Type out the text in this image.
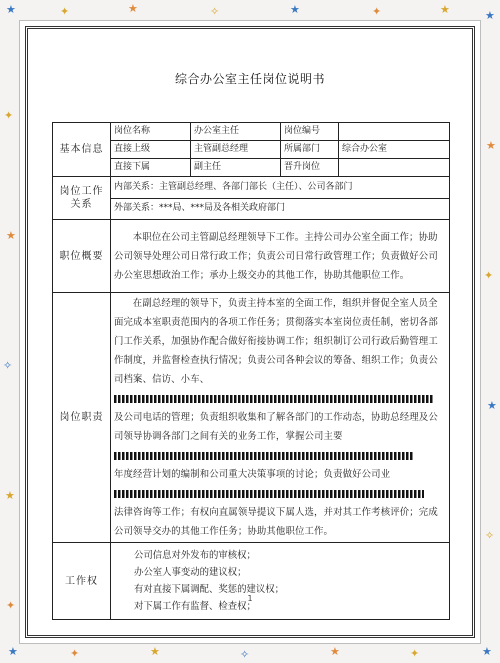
★	✦	★	✧	★	✦	★	★
✦
★
✧
★
✦
★
✦
★
✧
★	✦	★	✧	★	✦	★
综合办公室主任岗位说明书
基本信息	岗位名称	办公室主任	岗位编号	
	直接上级	主管副总经理	所属部门	综合办公室
	直接下属	副主任	晋升岗位	
岗位工作关系	内部关系：主管副总经理、各部门部长（主任）、公司各部门			
	外部关系：***局、***局及各相关政府部门			
职位概要	本职位在公司主管副总经理领导下工作。主持公司办公室全面工作；协助公司领导处理公司日常行政工作；负责公司日常行政管理工作；负责做好公司办公室思想政治工作；承办上级交办的其他工作，协助其他职位工作。			

岗位职责	在副总经理的领导下，负责主持本室的全面工作，组织并督促全室人员全面完成本室职责范围内的各项工作任务；贯彻落实本室岗位责任制，密切各部门工作关系，加强协作配合做好衔接协调工作；组织制订公司行政后勤管理工作制度，并监督检查执行情况；负责公司各种会议的筹备、组织工作；负责公司档案、信访、小车、

及公司电话的管理；负责组织收集和了解各部门的工作动态，协助总经理及公司领导协调各部门之间有关的业务工作，掌握公司主要

年度经营计划的编制和公司重大决策事项的讨论；负责做好公司业

法律咨询等工作；有权向直属领导提议下属人选，并对其工作考核评价；完成公司领导交办的其他工作任务；协助其他职位工作。			

工作权	公司信息对外发布的审核权；
办公室人事变动的建议权；
有对直接下属调配、奖惩的建议权；
对下属工作有监督、检查权；			
1
